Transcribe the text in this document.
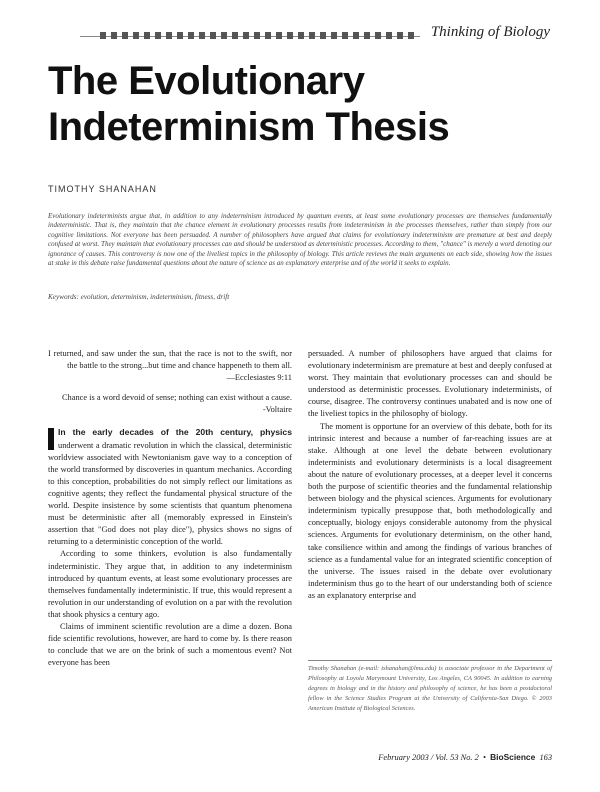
Thinking of Biology
The Evolutionary
Indeterminism Thesis
TIMOTHY SHANAHAN

Evolutionary indeterminists argue that, in addition to any indeterminism introduced by quantum events, at least some evolutionary processes are themselves fundamentally indeterministic. That is, they maintain that the chance element in evolutionary processes results from indeterminism in the processes themselves, rather than simply from our cognitive limitations. Not everyone has been persuaded. A number of philosophers have argued that claims for evolutionary indeterminism are premature at best and deeply confused at worst. They maintain that evolutionary processes can and should be understood as deterministic processes. According to them, "chance" is merely a word denoting our ignorance of causes. This controversy is now one of the liveliest topics in the philosophy of biology. This article reviews the main arguments on each side, showing how the issues at stake in this debate raise fundamental questions about the nature of science as an explanatory enterprise and of the world it seeks to explain.

Keywords: evolution, determinism, indeterminism, fitness, drift

I returned, and saw under the sun, that the race is not to the swift, nor the battle to the strong...but time and chance happeneth to them all.
—Ecclesiastes 9:11
Chance is a word devoid of sense; nothing can exist without a cause.
-Voltaire

In the early decades of the 20th century, physics underwent a dramatic revolution in which the classical, deterministic worldview associated with Newtonianism gave way to a conception of the world transformed by discoveries in quantum mechanics. According to this conception, probabilities do not simply reflect our limitations as cognitive agents; they reflect the fundamental physical structure of the world. Despite insistence by some scientists that quantum phenomena must be deterministic after all (memorably expressed in Einstein's assertion that "God does not play dice"), physics shows no signs of returning to a deterministic conception of the world.

According to some thinkers, evolution is also fundamentally indeterministic. They argue that, in addition to any indeterminism introduced by quantum events, at least some evolutionary processes are themselves fundamentally indeterministic. If true, this would represent a revolution in our understanding of evolution on a par with the revolution that shook physics a century ago.

Claims of imminent scientific revolution are a dime a dozen. Bona fide scientific revolutions, however, are hard to come by. Is there reason to conclude that we are on the brink of such a momentous event? Not everyone has been

persuaded. A number of philosophers have argued that claims for evolutionary indeterminism are premature at best and deeply confused at worst. They maintain that evolutionary processes can and should be understood as deterministic processes. Evolutionary indeterminists, of course, disagree. The controversy continues unabated and is now one of the liveliest topics in the philosophy of biology.

The moment is opportune for an overview of this debate, both for its intrinsic interest and because a number of far-reaching issues are at stake. Although at one level the debate between evolutionary indeterminists and evolutionary determinists is a local disagreement about the nature of evolutionary processes, at a deeper level it concerns both the purpose of scientific theories and the fundamental relationship between biology and the physical sciences. Arguments for evolutionary indeterminism typically presuppose that, both methodologically and conceptually, biology enjoys considerable autonomy from the physical sciences. Arguments for evolutionary determinism, on the other hand, take consilience within and among the findings of various branches of science as a fundamental value for an integrated scientific conception of the universe. The issues raised in the debate over evolutionary indeterminism thus go to the heart of our understanding both of science as an explanatory enterprise and

Timothy Shanahan (e-mail: tshanahan@lmu.edu) is associate professor in the Department of Philosophy at Loyola Marymount University, Los Angeles, CA 90045. In addition to earning degrees in biology and in the history and philosophy of science, he has been a postdoctoral fellow in the Science Studies Program at the University of California-San Diego. © 2003 American Institute of Biological Sciences.

February 2003 / Vol. 53 No. 2  •  BioScience 163
